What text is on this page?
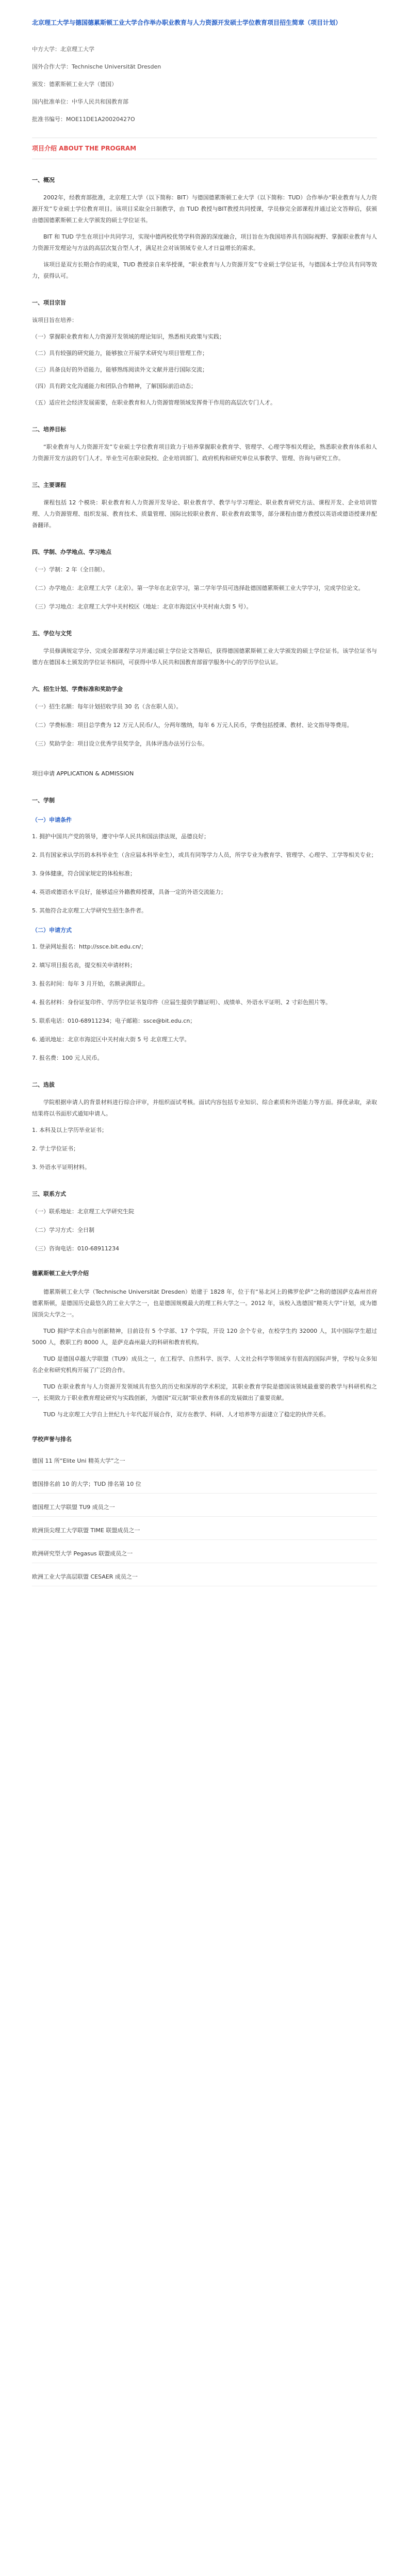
北京理工大学与德国德累斯顿工业大学合作举办职业教育与人力资源开发硕士学位教育项目招生简章（项目计划）
中方大学：北京理工大学
国外合作大学：Technische Universität Dresden
颁发：德累斯顿工业大学（德国）
国内批准单位：中华人民共和国教育部
批准书编号：MOE11DE1A20020427O
项目介绍 ABOUT THE PROGRAM
一、概况

2002年，经教育部批准，北京理工大学（以下简称：BIT）与德国德累斯顿工业大学（以下简称：TUD）合作举办“职业教育与人力资源开发”专业硕士学位教育项目。该项目采取全日制教学，由 TUD 教授与BIT教授共同授课，学员修完全部课程并通过论文答辩后，获颁由德国德累斯顿工业大学颁发的硕士学位证书。

BIT 和 TUD 学生在项目中共同学习，实现中德两校优势学科资源的深度融合，项目旨在为我国培养具有国际视野、掌握职业教育与人力资源开发理论与方法的高层次复合型人才，满足社会对该领域专业人才日益增长的需求。

该项目是双方长期合作的成果，TUD 教授亲自来华授课，“职业教育与人力资源开发”专业硕士学位证书，与德国本土学位具有同等效力，获得认可。

一、项目宗旨

该项目旨在培养：

（一）掌握职业教育和人力资源开发领域的理论知识，熟悉相关政策与实践；
（二）具有较强的研究能力，能够独立开展学术研究与项目管理工作；
（三）具备良好的外语能力，能够熟练阅读外文文献并进行国际交流；
（四）具有跨文化沟通能力和团队合作精神，了解国际前沿动态；
（五）适应社会经济发展需要，在职业教育和人力资源管理领域发挥骨干作用的高层次专门人才。
二、培养目标

“职业教育与人力资源开发”专业硕士学位教育项目致力于培养掌握职业教育学、管理学、心理学等相关理论，熟悉职业教育体系和人力资源开发方法的专门人才。毕业生可在职业院校、企业培训部门、政府机构和研究单位从事教学、管理、咨询与研究工作。

三、主要课程

课程包括 12 个模块：职业教育和人力资源开发导论、职业教育学、教学与学习理论、职业教育研究方法、课程开发、企业培训管理、人力资源管理、组织发展、教育技术、质量管理、国际比较职业教育、职业教育政策等，部分课程由德方教授以英语或德语授课并配备翻译。

四、学制、办学地点、学习地点
（一）学制：2 年（全日制）。
（二）办学地点：北京理工大学（北京）。第一学年在北京学习，第二学年学员可选择赴德国德累斯顿工业大学学习，完成学位论文。
（三）学习地点：北京理工大学中关村校区（地址：北京市海淀区中关村南大街 5 号）。
五、学位与文凭

学员修满规定学分、完成全部课程学习并通过硕士学位论文答辩后，获得德国德累斯顿工业大学颁发的硕士学位证书。该学位证书与德方在德国本土颁发的学位证书相同，可获得中华人民共和国教育部留学服务中心的学历学位认证。

六、招生计划、学费标准和奖助学金
（一）招生名额：每年计划招收学员 30 名（含在职人员）。
（二）学费标准：项目总学费为 12 万元人民币/人，分两年缴纳，每年 6 万元人民币，学费包括授课、教材、论文指导等费用。
（三）奖助学金：项目设立优秀学员奖学金，具体评选办法另行公布。
项目申请 APPLICATION & ADMISSION
一、学制
（一）申请条件
1. 拥护中国共产党的领导，遵守中华人民共和国法律法规，品德良好；
2. 具有国家承认学历的本科毕业生（含应届本科毕业生），或具有同等学力人员，所学专业为教育学、管理学、心理学、工学等相关专业；
3. 身体健康，符合国家规定的体检标准；
4. 英语或德语水平良好，能够适应外籍教师授课，具备一定的外语交流能力；
5. 其他符合北京理工大学研究生招生条件者。
（二）申请方式
1. 登录网址报名：http://ssce.bit.edu.cn/；
2. 填写项目报名表，提交相关申请材料；
3. 报名时间：每年 3 月开始，名额录满即止。
4. 报名材料：身份证复印件、学历学位证书复印件（应届生提供学籍证明）、成绩单、外语水平证明、2 寸彩色照片等。
5. 联系电话：010-68911234；电子邮箱：ssce@bit.edu.cn；
6. 通讯地址：北京市海淀区中关村南大街 5 号 北京理工大学。
7. 报名费：100 元人民币。
二、选拔

学院根据申请人的背景材料进行综合评审，并组织面试考核。面试内容包括专业知识、综合素质和外语能力等方面。择优录取，录取结果将以书面形式通知申请人。

1. 本科及以上学历毕业证书；
2. 学士学位证书；
3. 外语水平证明材料。
三、联系方式
（一）联系地址：北京理工大学研究生院
（二）学习方式：全日制
（三）咨询电话：010-68911234
德累斯顿工业大学介绍

德累斯顿工业大学（Technische Universität Dresden）始建于 1828 年，位于有“易北河上的佛罗伦萨”之称的德国萨克森州首府德累斯顿，是德国历史最悠久的工业大学之一，也是德国规模最大的理工科大学之一。2012 年，该校入选德国“精英大学”计划，成为德国顶尖大学之一。

TUD 拥护学术自由与创新精神，目前设有 5 个学部、17 个学院，开设 120 余个专业，在校学生约 32000 人，其中国际学生超过 5000 人，教职工约 8000 人，是萨克森州最大的科研和教育机构。

TUD 是德国卓越大学联盟（TU9）成员之一，在工程学、自然科学、医学、人文社会科学等领域享有很高的国际声誉，学校与众多知名企业和研究机构开展了广泛的合作。

TUD 在职业教育与人力资源开发领域具有悠久的历史和深厚的学术积淀，其职业教育学院是德国该领域最重要的教学与科研机构之一，长期致力于职业教育理论研究与实践创新，为德国“双元制”职业教育体系的发展做出了重要贡献。

TUD 与北京理工大学自上世纪九十年代起开展合作，双方在教学、科研、人才培养等方面建立了稳定的伙伴关系。

学校声誉与排名
德国 11 所“Elite Uni 精英大学”之一
德国排名前 10 的大学；TUD 排名第 10 位
德国理工大学联盟 TU9 成员之一
欧洲顶尖理工大学联盟 TIME 联盟成员之一
欧洲研究型大学 Pegasus 联盟成员之一
欧洲工业大学高层联盟 CESAER 成员之一
